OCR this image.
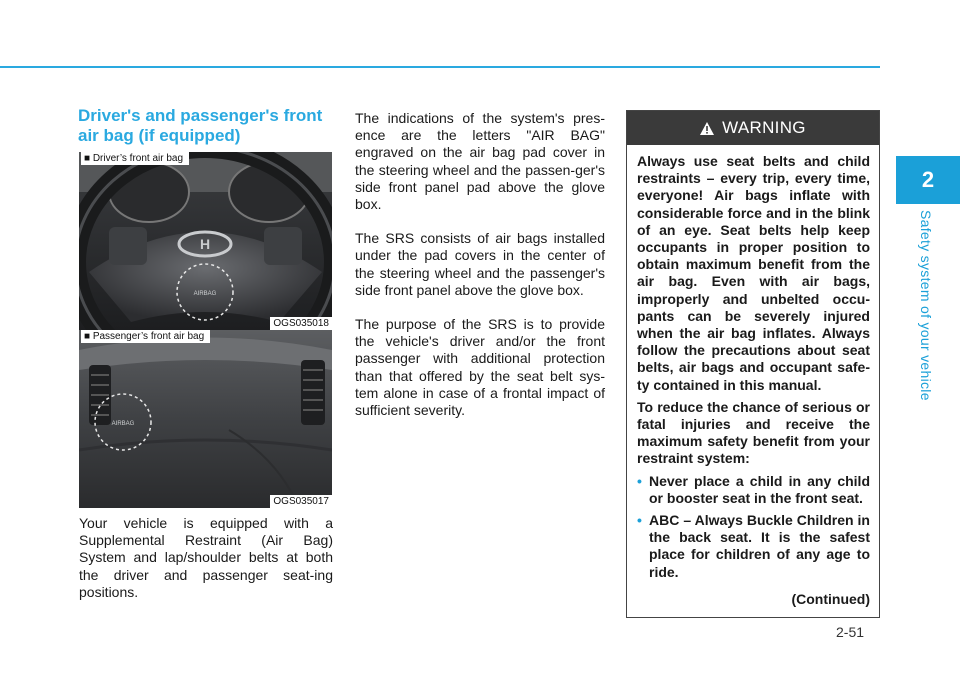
2
Safety system of your vehicle
2-51
Driver's and passenger's front air bag (if equipped)
H
AIRBAG
■ Driver’s front air bag
OGS035018
AIRBAG
■ Passenger’s front air bag
OGS035017

Your vehicle is equipped with a Supplemental Restraint (Air Bag) System and lap/shoulder belts at both the driver and passenger seat-ing positions.

The indications of the system's pres-ence are the letters "AIR BAG" engraved on the air bag pad cover in the steering wheel and the passen-ger's side front panel pad above the glove box.

The SRS consists of air bags installed under the pad covers in the center of the steering wheel and the passenger's side front panel above the glove box.

The purpose of the SRS is to provide the vehicle's driver and/or the front passenger with additional protection than that offered by the seat belt sys-tem alone in case of a frontal impact of sufficient severity.

WARNING

Always use seat belts and child restraints – every trip, every time, everyone! Air bags inflate with considerable force and in the blink of an eye. Seat belts help keep occupants in proper position to obtain maximum benefit from the air bag. Even with air bags, improperly and unbelted occu-pants can be severely injured when the air bag inflates. Always follow the precautions about seat belts, air bags and occupant safe-ty contained in this manual.

To reduce the chance of serious or fatal injuries and receive the maximum safety benefit from your restraint system:

• Never place a child in any child or booster seat in the front seat.
• ABC – Always Buckle Children in the back seat. It is the safest place for children of any age to ride.
(Continued)
